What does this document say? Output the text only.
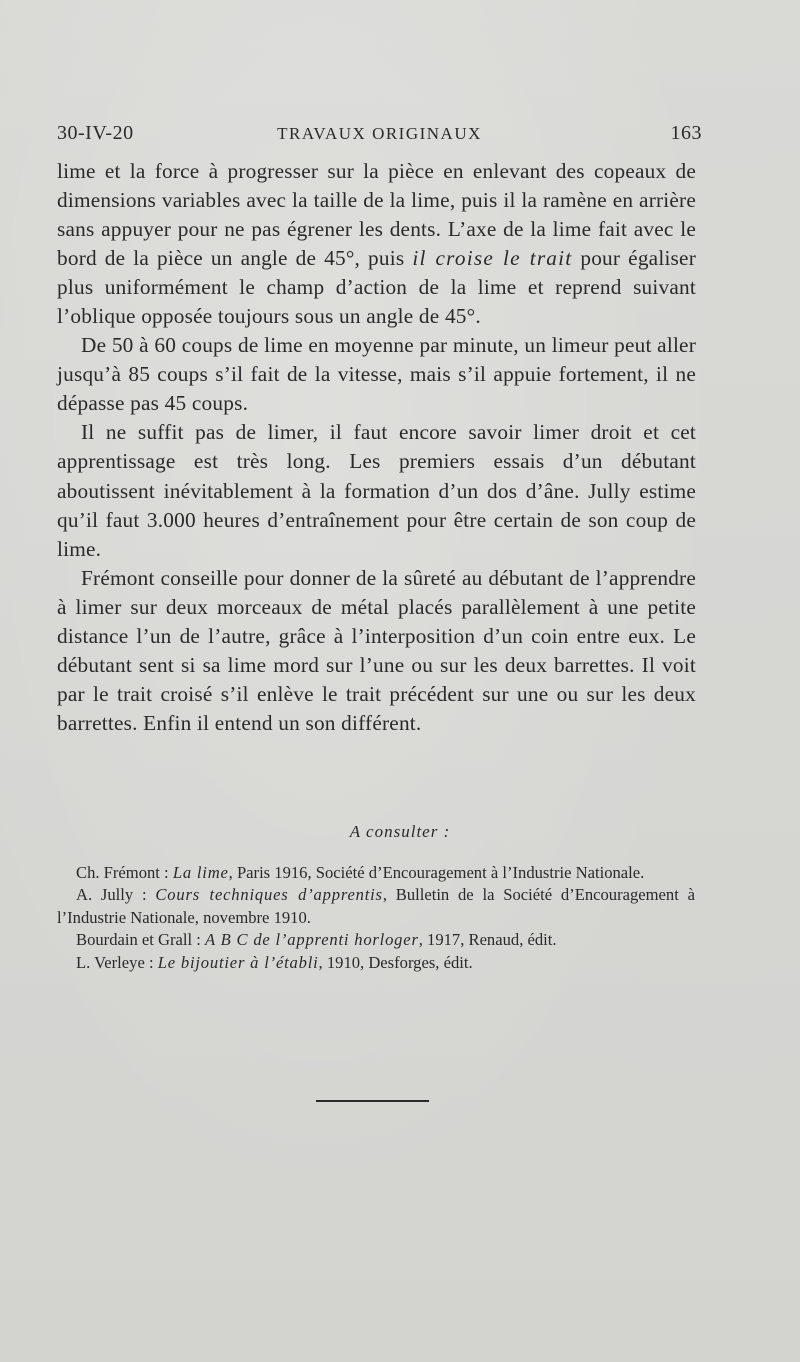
30-IV-20	TRAVAUX ORIGINAUX	163

lime et la force à progresser sur la pièce en enlevant des copeaux de dimensions variables avec la taille de la lime, puis il la ramène en arrière sans appuyer pour ne pas égrener les dents. L’axe de la lime fait avec le bord de la pièce un angle de 45°, puis il croise le trait pour égaliser plus uniformément le champ d’action de la lime et reprend suivant l’oblique opposée toujours sous un angle de 45°.

De 50 à 60 coups de lime en moyenne par minute, un limeur peut aller jusqu’à 85 coups s’il fait de la vitesse, mais s’il appuie fortement, il ne dépasse pas 45 coups.

Il ne suffit pas de limer, il faut encore savoir limer droit et cet apprentissage est très long. Les premiers essais d’un débutant aboutissent inévitablement à la formation d’un dos d’âne. Jully estime qu’il faut 3.000 heures d’entraînement pour être certain de son coup de lime.

Frémont conseille pour donner de la sûreté au débutant de l’apprendre à limer sur deux morceaux de métal placés parallèlement à une petite distance l’un de l’autre, grâce à l’interposition d’un coin entre eux. Le débutant sent si sa lime mord sur l’une ou sur les deux barrettes. Il voit par le trait croisé s’il enlève le trait précédent sur une ou sur les deux barrettes. Enfin il entend un son différent.

A consulter :

Ch. Frémont : La lime, Paris 1916, Société d’Encouragement à l’Industrie Nationale.

A. Jully : Cours techniques d’apprentis, Bulletin de la Société d’Encouragement à l’Industrie Nationale, novembre 1910.

Bourdain et Grall : A B C de l’apprenti horloger, 1917, Renaud, édit.

L. Verleye : Le bijoutier à l’établi, 1910, Desforges, édit.
